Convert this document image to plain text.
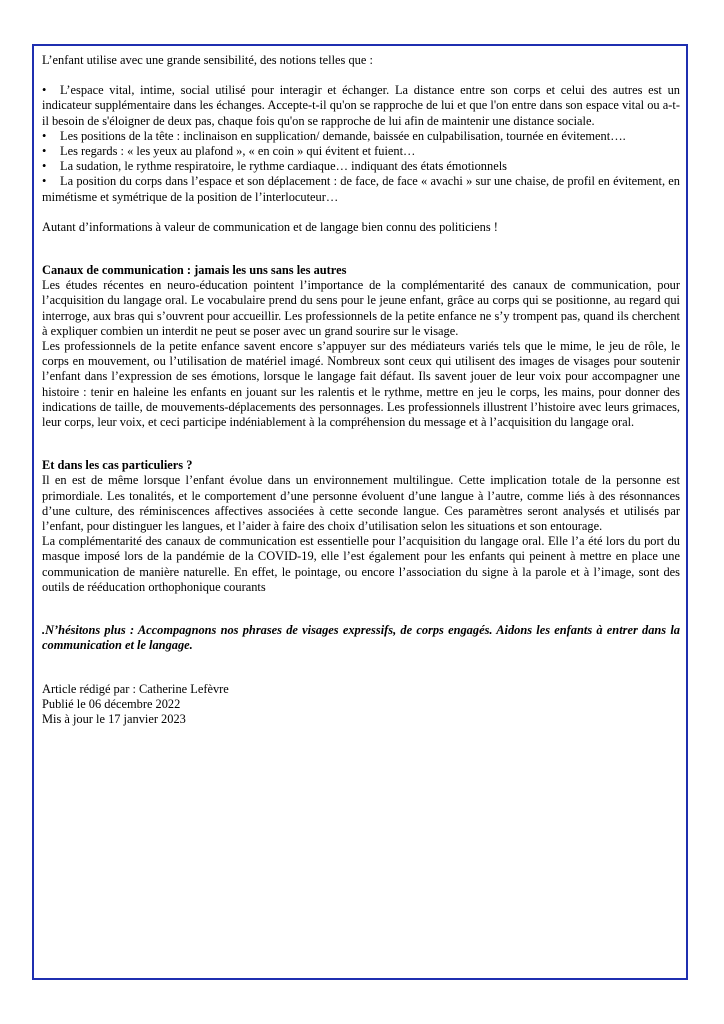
L’enfant utilise avec une grande sensibilité, des notions telles que :

• L’espace vital, intime, social utilisé pour interagir et échanger. La distance entre son corps et celui des autres est un indicateur supplémentaire dans les échanges. Accepte-t-il qu'on se rapproche de lui et que l'on entre dans son espace vital ou a-t-il besoin de s'éloigner de deux pas, chaque fois qu'on se rapproche de lui afin de maintenir une distance sociale.
• Les positions de la tête : inclinaison en supplication/ demande, baissée en culpabilisation, tournée en évitement….
• Les regards : « les yeux au plafond », « en coin » qui évitent et fuient…
• La sudation, le rythme respiratoire, le rythme cardiaque… indiquant des états émotionnels
• La position du corps dans l’espace et son déplacement : de face, de face « avachi » sur une chaise, de profil en évitement, en mimétisme et symétrique de la position de l’interlocuteur…

Autant d’informations à valeur de communication et de langage bien connu des politiciens !

Canaux de communication : jamais les uns sans les autres

Les études récentes en neuro-éducation pointent l’importance de la complémentarité des canaux de communication, pour l’acquisition du langage oral. Le vocabulaire prend du sens pour le jeune enfant, grâce au corps qui se positionne, au regard qui interroge, aux bras qui s’ouvrent pour accueillir. Les professionnels de la petite enfance ne s’y trompent pas, quand ils cherchent à expliquer combien un interdit ne peut se poser avec un grand sourire sur le visage.

Les professionnels de la petite enfance savent encore s’appuyer sur des médiateurs variés tels que le mime, le jeu de rôle, le corps en mouvement, ou l’utilisation de matériel imagé. Nombreux sont ceux qui utilisent des images de visages pour soutenir l’enfant dans l’expression de ses émotions, lorsque le langage fait défaut. Ils savent jouer de leur voix pour accompagner une histoire : tenir en haleine les enfants en jouant sur les ralentis et le rythme, mettre en jeu le corps, les mains, pour donner des indications de taille, de mouvements-déplacements des personnages. Les professionnels illustrent l’histoire avec leurs grimaces, leur corps, leur voix, et ceci participe indéniablement à la compréhension du message et à l’acquisition du langage oral.

Et dans les cas particuliers ?

Il en est de même lorsque l’enfant évolue dans un environnement multilingue. Cette implication totale de la personne est primordiale. Les tonalités, et le comportement d’une personne évoluent d’une langue à l’autre, comme liés à des résonnances d’une culture, des réminiscences affectives associées à cette seconde langue. Ces paramètres seront analysés et utilisés par l’enfant, pour distinguer les langues, et l’aider à faire des choix d’utilisation selon les situations et son entourage.

La complémentarité des canaux de communication est essentielle pour l’acquisition du langage oral. Elle l’a été lors du port du masque imposé lors de la pandémie de la COVID-19, elle l’est également pour les enfants qui peinent à mettre en place une communication de manière naturelle. En effet, le pointage, ou encore l’association du signe à la parole et à l’image, sont des outils de rééducation orthophonique courants

.N’hésitons plus : Accompagnons nos phrases de visages expressifs, de corps engagés. Aidons les enfants à entrer dans la communication et le langage.

Article rédigé par : Catherine Lefèvre

Publié le 06 décembre 2022

Mis à jour le 17 janvier 2023
